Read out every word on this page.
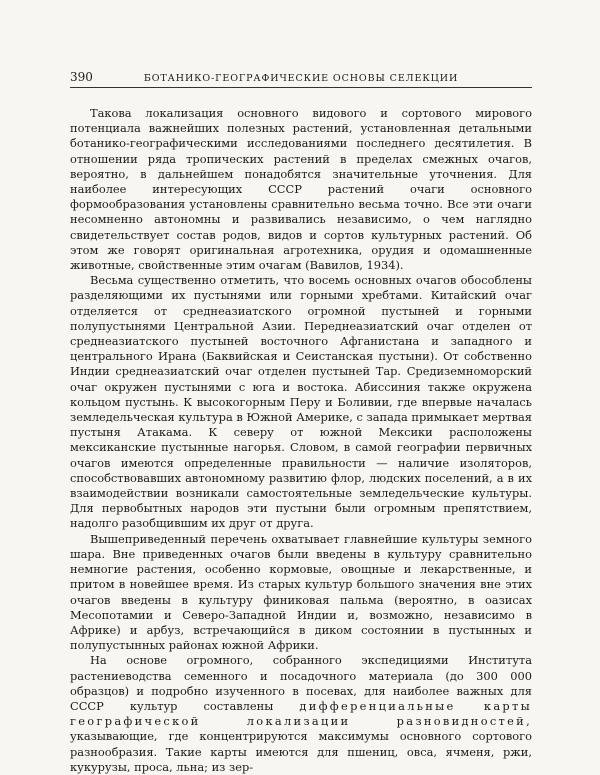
390	БОТАНИКО-ГЕОГРАФИЧЕСКИЕ ОСНОВЫ СЕЛЕКЦИИ

Такова локализация основного видового и сортового мирового потенциала важнейших полезных растений, установленная детальными ботанико-географическими исследованиями последнего десятилетия. В отношении ряда тропических растений в пределах смежных очагов, вероятно, в дальнейшем понадобятся значительные уточнения. Для наиболее интересующих СССР растений очаги основного формообразования установлены сравнительно весьма точно. Все эти очаги несомненно автономны и развивались независимо, о чем наглядно свидетельствует состав родов, видов и сортов культурных растений. Об этом же говорят оригинальная агротехника, орудия и одомашненные животные, свойственные этим очагам (Вавилов, 1934).

Весьма существенно отметить, что восемь основных очагов обособлены разделяющими их пустынями или горными хребтами. Китайский очаг отделяется от среднеазиатского огромной пустыней и горными полупустынями Центральной Азии. Переднеазиатский очаг отделен от среднеазиатского пустыней восточного Афганистана и западного и центрального Ирана (Баквийская и Сеистанская пустыни). От собственно Индии среднеазиатский очаг отделен пустыней Тар. Средиземноморский очаг окружен пустынями с юга и востока. Абиссиния также окружена кольцом пустынь. К высокогорным Перу и Боливии, где впервые началась земледельческая культура в Южной Америке, с запада примыкает мертвая пустыня Атакама. К северу от южной Мексики расположены мексиканские пустынные нагорья. Словом, в самой географии первичных очагов имеются определенные правильности — наличие изоляторов, способствовавших автономному развитию флор, людских поселений, а в их взаимодействии возникали самостоятельные земледельческие культуры. Для первобытных народов эти пустыни были огромным препятствием, надолго разобщившим их друг от друга.

Вышеприведенный перечень охватывает главнейшие культуры земного шара. Вне приведенных очагов были введены в культуру сравнительно немногие растения, особенно кормовые, овощные и лекарственные, и притом в новейшее время. Из старых культур большого значения вне этих очагов введены в культуру финиковая пальма (вероятно, в оазисах Месопотамии и Северо-Западной Индии и, возможно, независимо в Африке) и арбуз, встречающийся в диком состоянии в пустынных и полупустынных районах южной Африки.

На основе огромного, собранного экспедициями Института растениеводства семенного и посадочного материала (до 300 000 образцов) и подробно изученного в посевах, для наиболее важных для СССР культур составлены дифференциальные карты географической локализации разновидностей, указывающие, где концентрируются максимумы основного сортового разнообразия. Такие карты имеются для пшениц, овса, ячменя, ржи, кукурузы, проса, льна; из зер-
